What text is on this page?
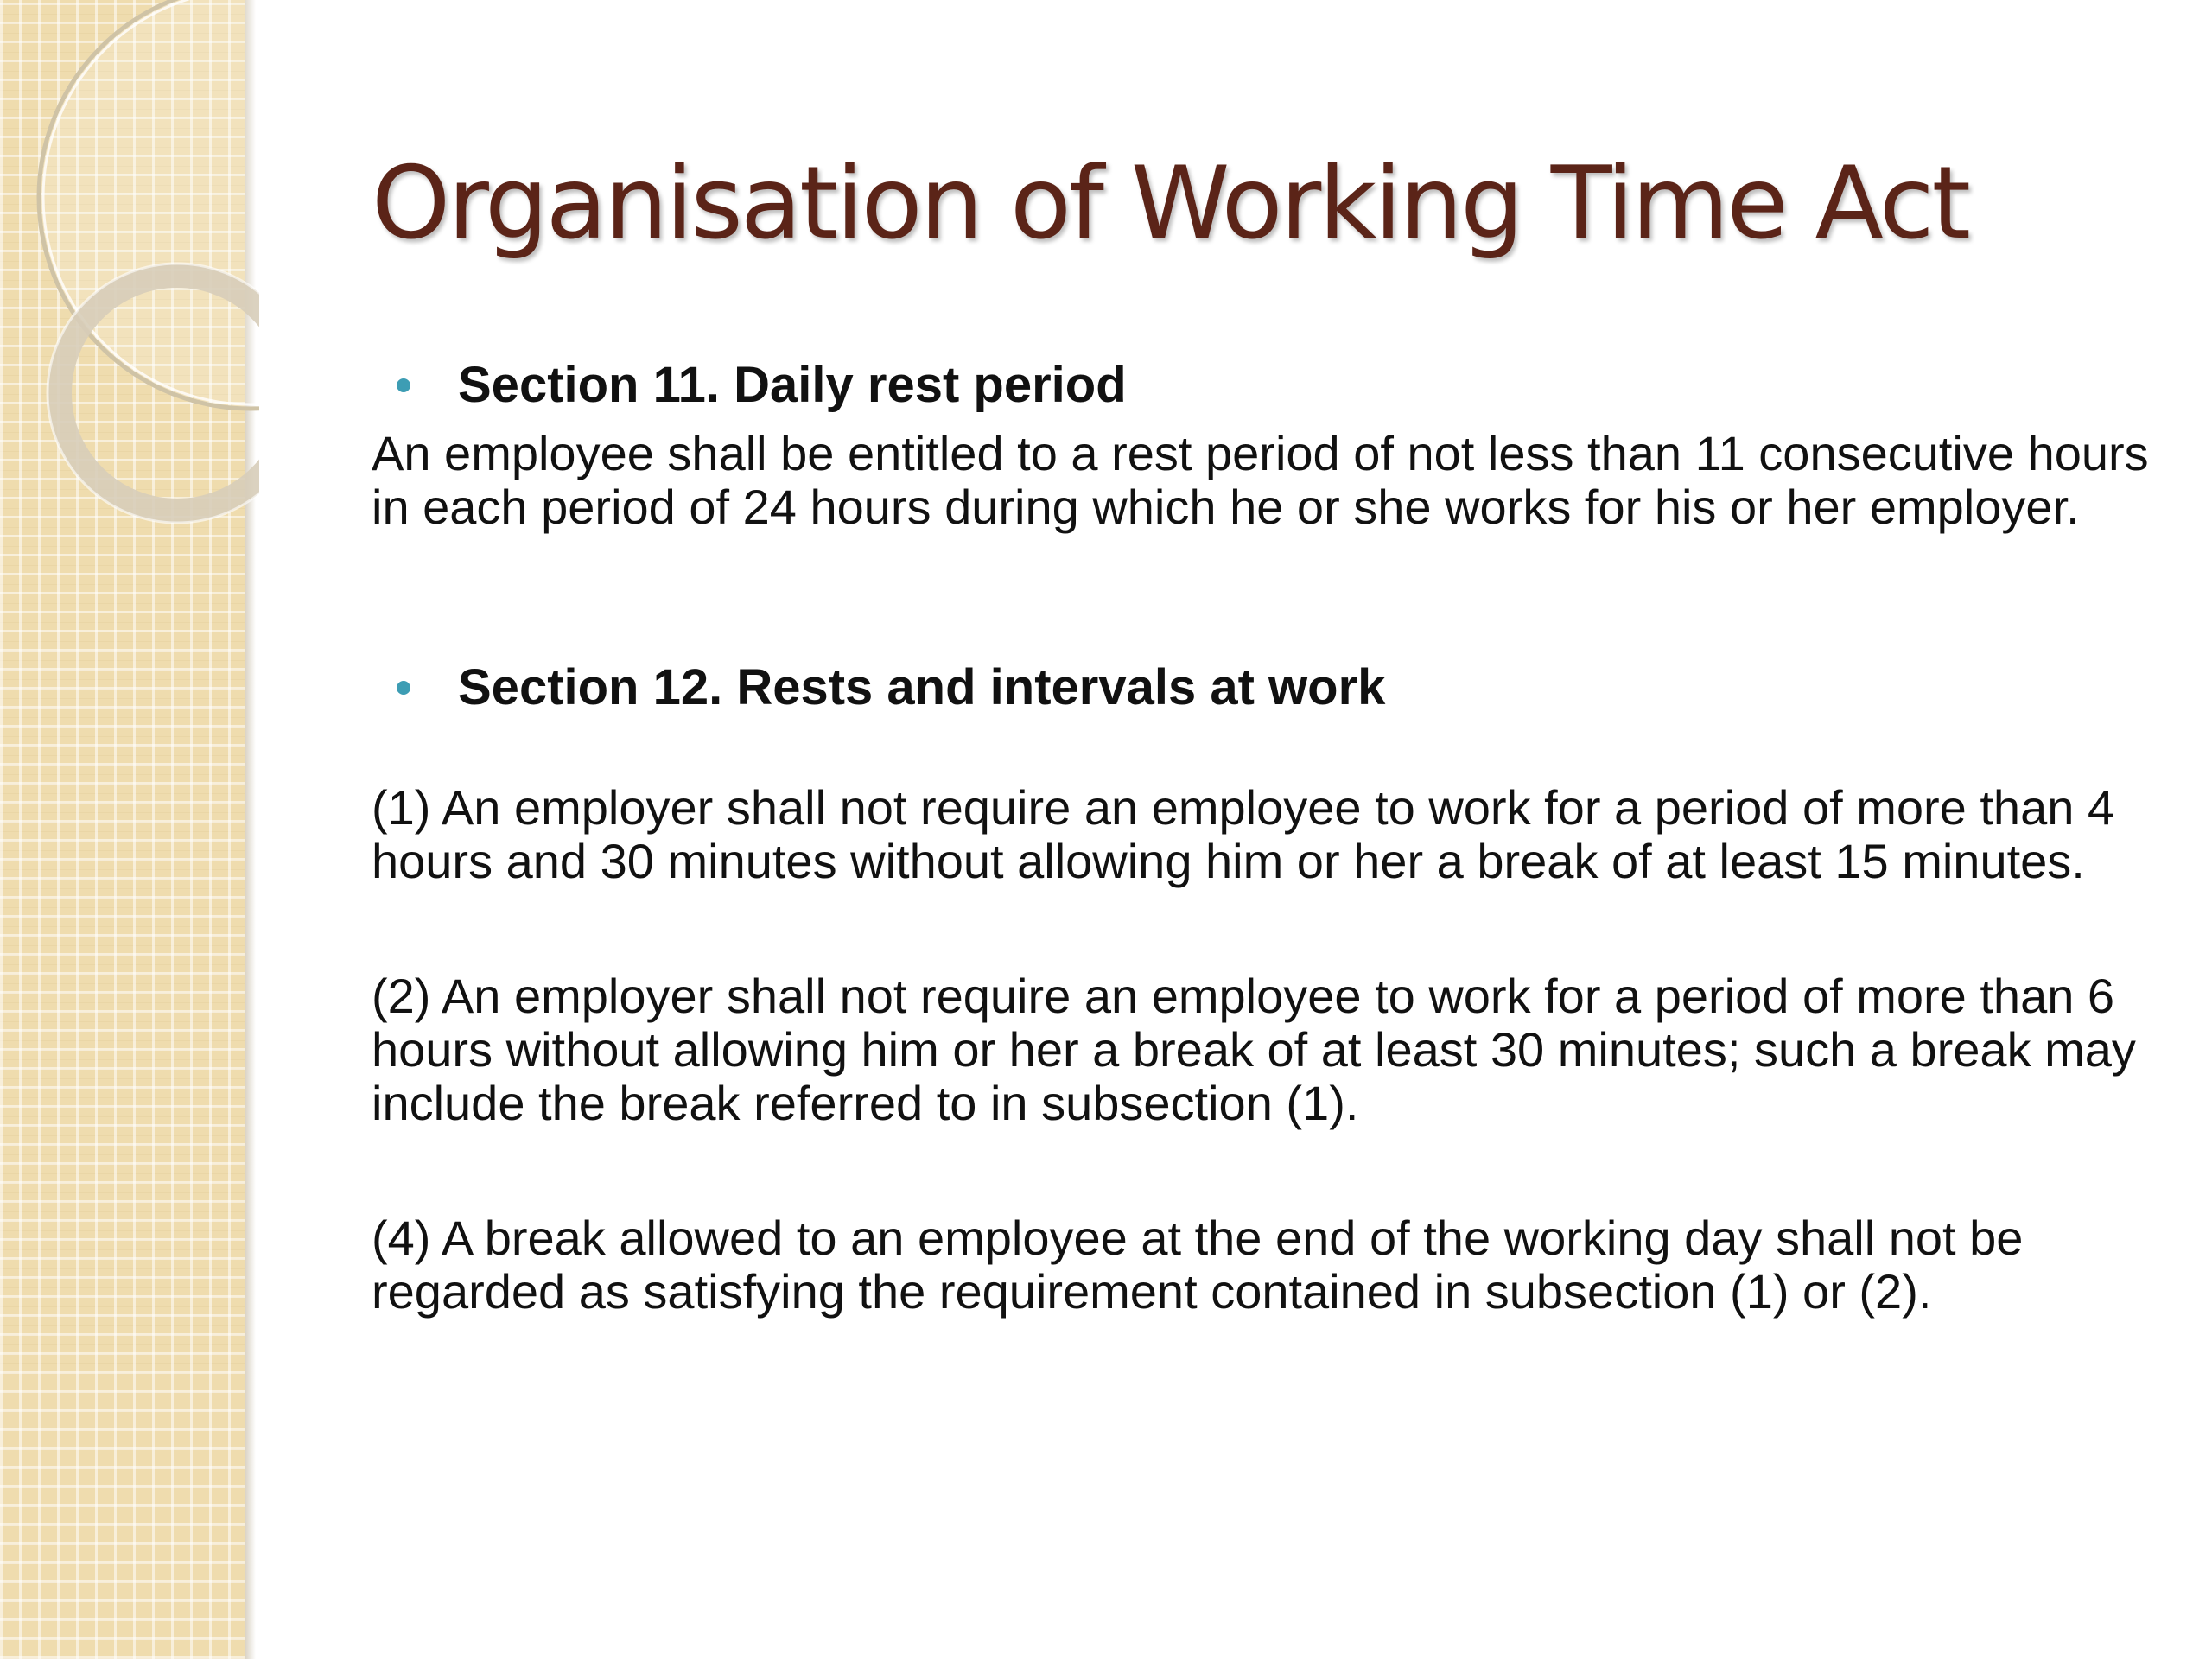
Organisation of Working Time Act
Section 11. Daily rest period

An employee shall be entitled to a rest period of not less than 11 consecutive hours in each period of 24 hours during which he or she works for his or her employer.

Section 12. Rests and intervals at work

(1) An employer shall not require an employee to work for a period of more than 4 hours and 30 minutes without allowing him or her a break of at least 15 minutes.

(2) An employer shall not require an employee to work for a period of more than 6 hours without allowing him or her a break of at least 30 minutes; such a break may include the break referred to in subsection (1).

(4) A break allowed to an employee at the end of the working day shall not be regarded as satisfying the requirement contained in subsection (1) or (2).
